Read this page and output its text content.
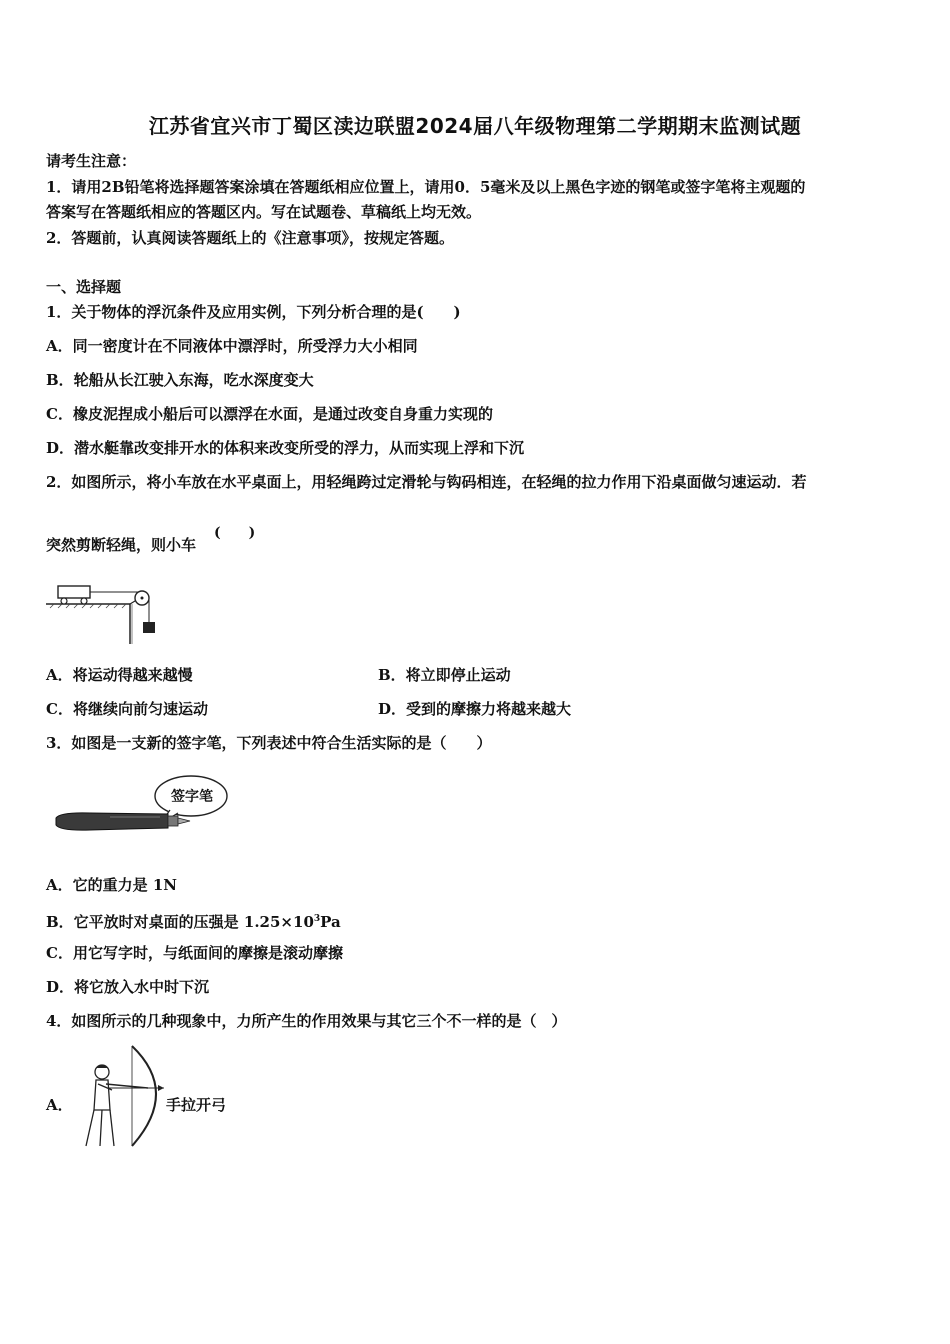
江苏省宜兴市丁蜀区渎边联盟2024届八年级物理第二学期期末监测试题
请考生注意：
1．请用2B铅笔将选择题答案涂填在答题纸相应位置上，请用0．5毫米及以上黑色字迹的钢笔或签字笔将主观题的
答案写在答题纸相应的答题区内。写在试题卷、草稿纸上均无效。
2．答题前，认真阅读答题纸上的《注意事项》，按规定答题。
一、选择题
1．关于物体的浮沉条件及应用实例，下列分析合理的是(　　)
A．同一密度计在不同液体中漂浮时，所受浮力大小相同
B．轮船从长江驶入东海，吃水深度变大
C．橡皮泥捏成小船后可以漂浮在水面，是通过改变自身重力实现的
D．潜水艇靠改变排开水的体积来改变所受的浮力，从而实现上浮和下沉
2．如图所示，将小车放在水平桌面上，用轻绳跨过定滑轮与钩码相连，在轻绳的拉力作用下沿桌面做匀速运动．若
突然剪断轻绳，则小车
(　　)
A．将运动得越来越慢	B．将立即停止运动
C．将继续向前匀速运动	D．受到的摩擦力将越来越大
3．如图是一支新的签字笔，下列表述中符合生活实际的是（　　）
签字笔
A．它的重力是 1N
B．它平放时对桌面的压强是 $1.25\times 10^3Pa$
C．用它写字时，与纸面间的摩擦是滚动摩擦
D．将它放入水中时下沉
4．如图所示的几种现象中，力所产生的作用效果与其它三个不一样的是（　）
A．	手拉开弓
